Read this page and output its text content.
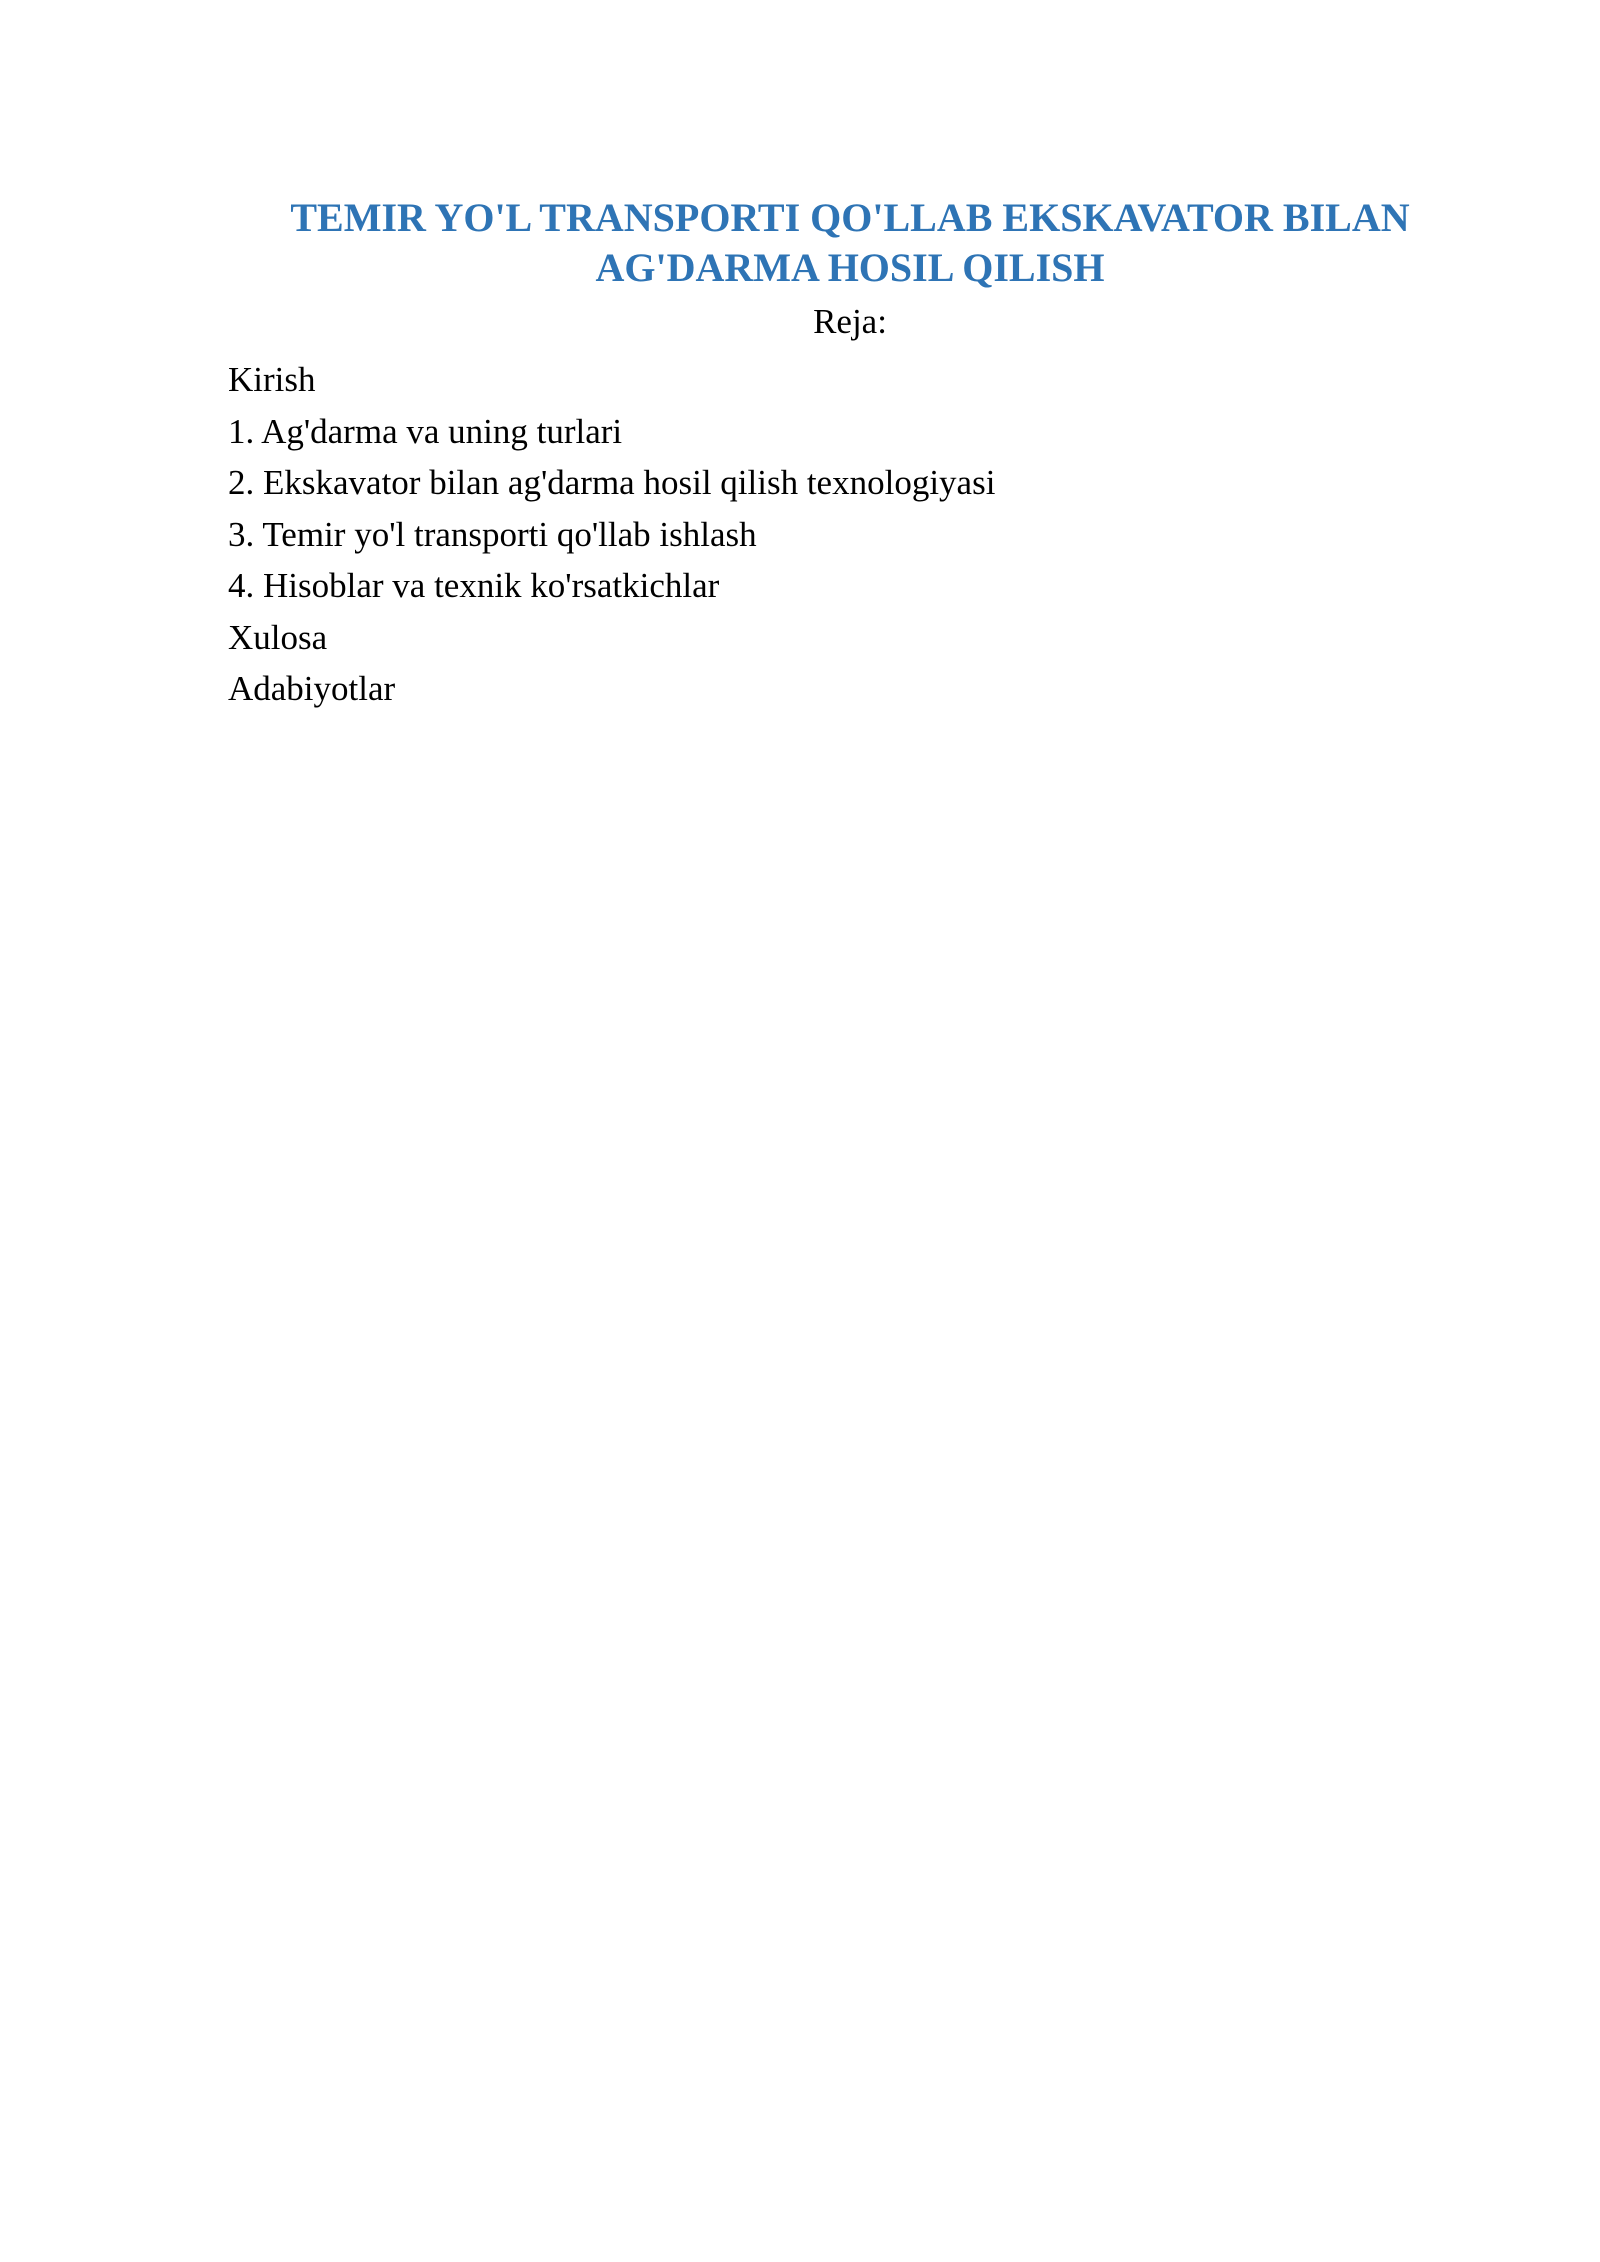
TEMIR YO'L TRANSPORTI QO'LLAB EKSKAVATOR BILAN AG'DARMA HOSIL QILISH

Reja:

Kirish
1. Ag'darma va uning turlari
2. Ekskavator bilan ag'darma hosil qilish texnologiyasi
3. Temir yo'l transporti qo'llab ishlash
4. Hisoblar va texnik ko'rsatkichlar
Xulosa
Adabiyotlar
